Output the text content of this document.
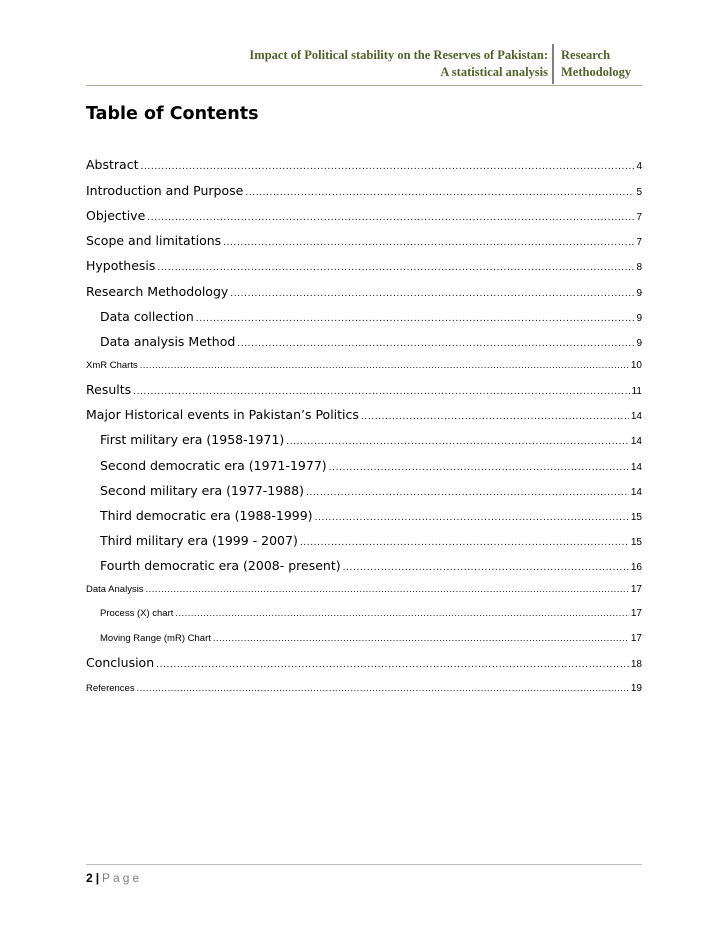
Impact of Political stability on the Reserves of Pakistan:
A statistical analysis
Research
Methodology
Table of Contents
Abstract .....	4
Introduction and Purpose .....	5
Objective .....	7
Scope and limitations .....	7
Hypothesis .....	8
Research Methodology .....	9
Data collection .....	9
Data analysis Method .....	9
XmR Charts .....	10
Results .....	11
Major Historical events in Pakistan’s Politics .....	14
First military era (1958-1971) .....	14
Second democratic era (1971-1977) .....	14
Second military era (1977-1988) .....	14
Third democratic era (1988-1999) .....	15
Third military era (1999 - 2007) .....	15
Fourth democratic era (2008- present) .....	16
Data Analysis .....	17
Process (X) chart .....	17
Moving Range (mR) Chart .....	17
Conclusion .....	18
References .....	19
2 | Page
